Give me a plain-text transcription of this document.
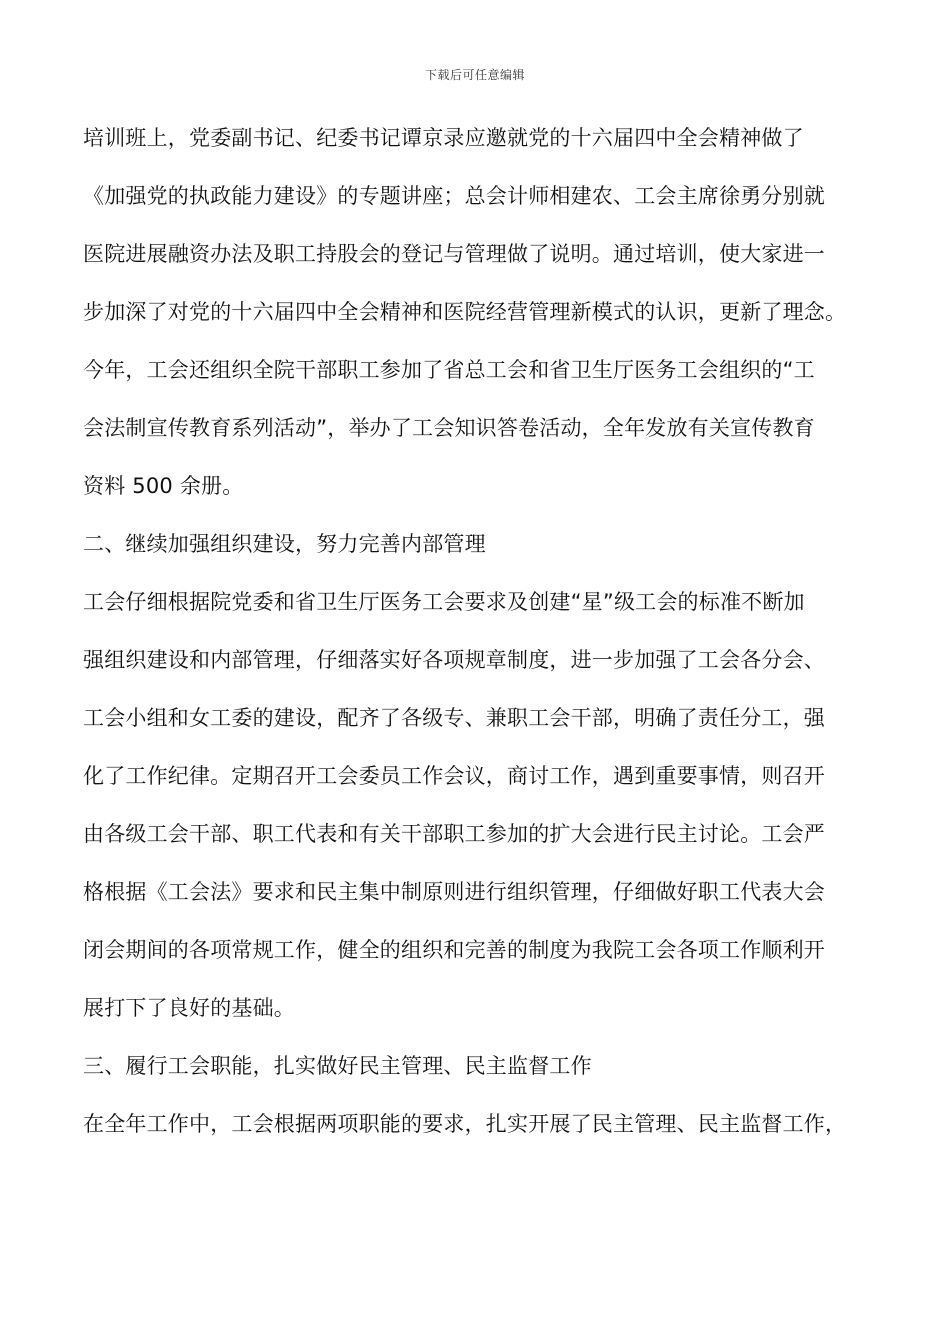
下载后可任意编辑
培训班上，党委副书记、纪委书记谭京录应邀就党的十六届四中全会精神做了
《加强党的执政能力建设》的专题讲座；总会计师相建农、工会主席徐勇分别就
医院进展融资办法及职工持股会的登记与管理做了说明。通过培训，使大家进一
步加深了对党的十六届四中全会精神和医院经营管理新模式的认识，更新了理念。
今年，工会还组织全院干部职工参加了省总工会和省卫生厅医务工会组织的“工
会法制宣传教育系列活动”，举办了工会知识答卷活动，全年发放有关宣传教育
资料 500 余册。
二、继续加强组织建设，努力完善内部管理
工会仔细根据院党委和省卫生厅医务工会要求及创建“星”级工会的标准不断加
强组织建设和内部管理，仔细落实好各项规章制度，进一步加强了工会各分会、
工会小组和女工委的建设，配齐了各级专、兼职工会干部，明确了责任分工，强
化了工作纪律。定期召开工会委员工作会议，商讨工作，遇到重要事情，则召开
由各级工会干部、职工代表和有关干部职工参加的扩大会进行民主讨论。工会严
格根据《工会法》要求和民主集中制原则进行组织管理，仔细做好职工代表大会
闭会期间的各项常规工作，健全的组织和完善的制度为我院工会各项工作顺利开
展打下了良好的基础。
三、履行工会职能，扎实做好民主管理、民主监督工作
在全年工作中，工会根据两项职能的要求，扎实开展了民主管理、民主监督工作，
